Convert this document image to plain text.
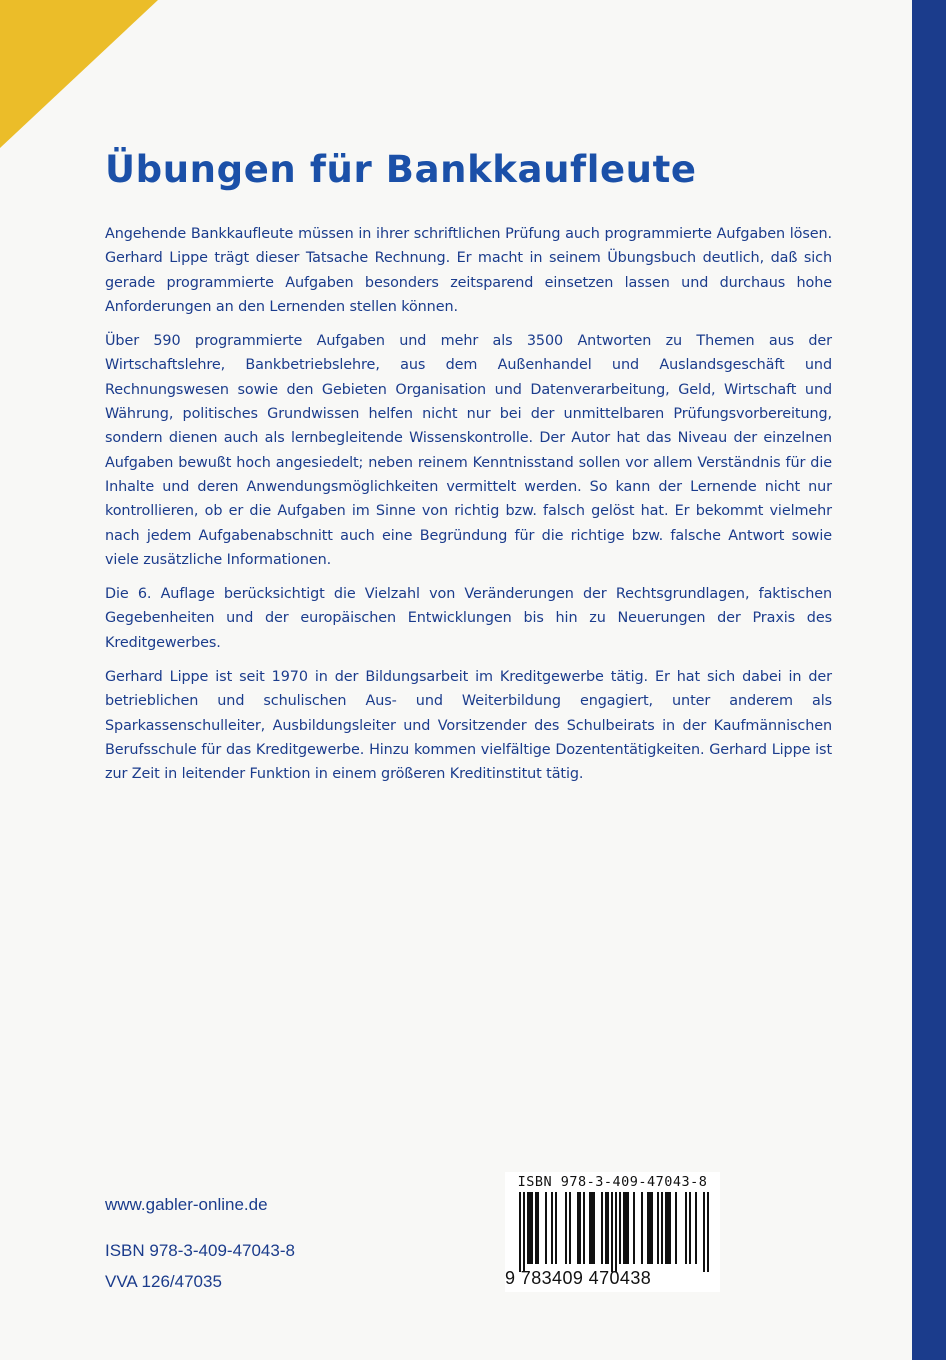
Übungen für Bankkaufleute

Angehende Bankkaufleute müssen in ihrer schriftlichen Prüfung auch programmierte Aufgaben lösen. Gerhard Lippe trägt dieser Tatsache Rechnung. Er macht in seinem Übungsbuch deutlich, daß sich gerade programmierte Aufgaben besonders zeitsparend einsetzen lassen und durchaus hohe Anforderungen an den Lernenden stellen können.

Über 590 programmierte Aufgaben und mehr als 3500 Antworten zu Themen aus der Wirtschaftslehre, Bankbetriebslehre, aus dem Außenhandel und Auslandsgeschäft und Rechnungswesen sowie den Gebieten Organisation und Datenverarbeitung, Geld, Wirtschaft und Währung, politisches Grundwissen helfen nicht nur bei der unmittelbaren Prüfungsvorbereitung, sondern dienen auch als lernbegleitende Wissenskontrolle. Der Autor hat das Niveau der einzelnen Aufgaben bewußt hoch angesiedelt; neben reinem Kenntnisstand sollen vor allem Verständnis für die Inhalte und deren Anwendungsmöglichkeiten vermittelt werden. So kann der Lernende nicht nur kontrollieren, ob er die Aufgaben im Sinne von richtig bzw. falsch gelöst hat. Er bekommt vielmehr nach jedem Aufgabenabschnitt auch eine Begründung für die richtige bzw. falsche Antwort sowie viele zusätzliche Informationen.

Die 6. Auflage berücksichtigt die Vielzahl von Veränderungen der Rechtsgrundlagen, faktischen Gegebenheiten und der europäischen Entwicklungen bis hin zu Neuerungen der Praxis des Kreditgewerbes.

Gerhard Lippe ist seit 1970 in der Bildungsarbeit im Kreditgewerbe tätig. Er hat sich dabei in der betrieblichen und schulischen Aus- und Weiterbildung engagiert, unter anderem als Sparkassenschulleiter, Ausbildungsleiter und Vorsitzender des Schulbeirats in der Kaufmännischen Berufsschule für das Kreditgewerbe. Hinzu kommen vielfältige Dozententätigkeiten. Gerhard Lippe ist zur Zeit in leitender Funktion in einem größeren Kreditinstitut tätig.

www.gabler-online.de

ISBN 978-3-409-47043-8

VVA 126/47035

ISBN 978-3-409-47043-8

9 783409 470438
